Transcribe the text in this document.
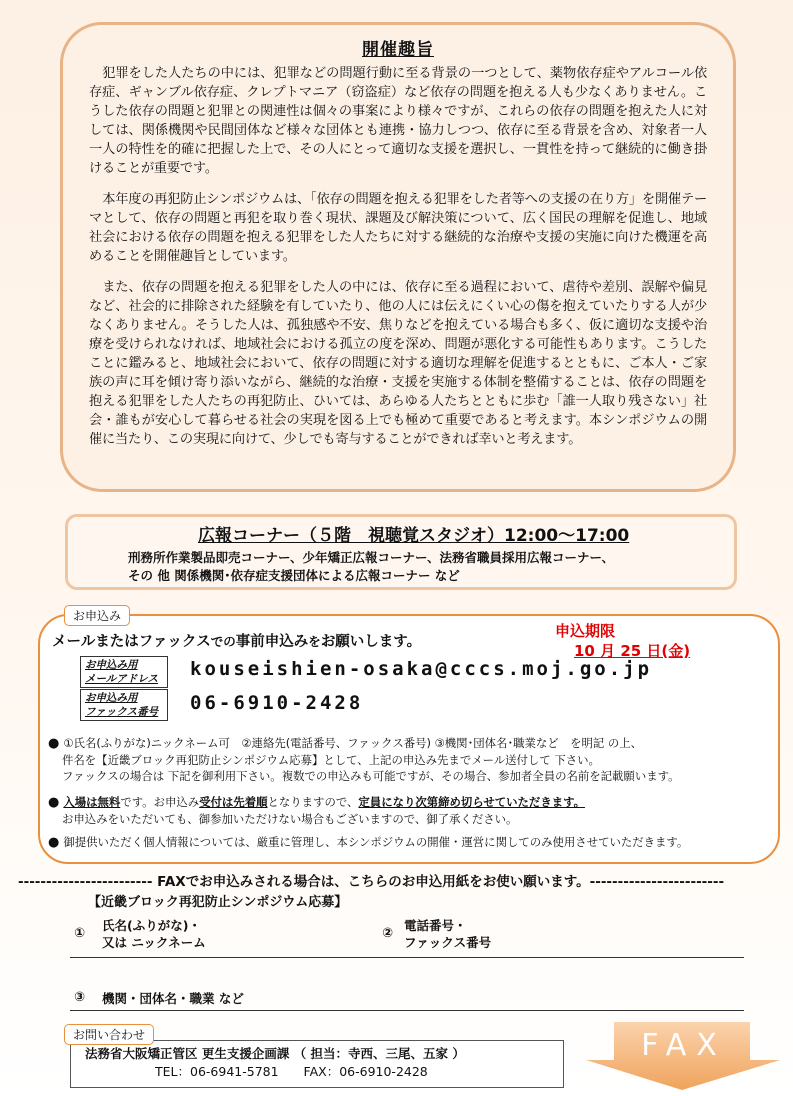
開催趣旨

犯罪をした人たちの中には、犯罪などの問題行動に至る背景の一つとして、薬物依存症やアルコール依存症、ギャンブル依存症、クレプトマニア（窃盗症）など依存の問題を抱える人も少なくありません。こうした依存の問題と犯罪との関連性は個々の事案により様々ですが、これらの依存の問題を抱えた人に対しては、関係機関や民間団体など様々な団体とも連携・協力しつつ、依存に至る背景を含め、対象者一人一人の特性を的確に把握した上で、その人にとって適切な支援を選択し、一貫性を持って継続的に働き掛けることが重要です。

本年度の再犯防止シンポジウムは、「依存の問題を抱える犯罪をした者等への支援の在り方」を開催テーマとして、依存の問題と再犯を取り巻く現状、課題及び解決策について、広く国民の理解を促進し、地域社会における依存の問題を抱える犯罪をした人たちに対する継続的な治療や支援の実施に向けた機運を高めることを開催趣旨としています。

また、依存の問題を抱える犯罪をした人の中には、依存に至る過程において、虐待や差別、誤解や偏見など、社会的に排除された経験を有していたり、他の人には伝えにくい心の傷を抱えていたりする人が少なくありません。そうした人は、孤独感や不安、焦りなどを抱えている場合も多く、仮に適切な支援や治療を受けられなければ、地域社会における孤立の度を深め、問題が悪化する可能性もあります。こうしたことに鑑みると、地域社会において、依存の問題に対する適切な理解を促進するとともに、ご本人・ご家族の声に耳を傾け寄り添いながら、継続的な治療・支援を実施する体制を整備することは、依存の問題を抱える犯罪をした人たちの再犯防止、ひいては、あらゆる人たちとともに歩む「誰一人取り残さない」社会・誰もが安心して暮らせる社会の実現を図る上でも極めて重要であると考えます。本シンポジウムの開催に当たり、この実現に向けて、少しでも寄与することができれば幸いと考えます。

広報コーナー（５階　視聴覚スタジオ）12:00～17:00
刑務所作業製品即売コーナー、少年矯正広報コーナー、法務省職員採用広報コーナー、
その 他 関係機関･依存症支援団体による広報コーナー など
お申込み
メールまたはファックスでの事前申込みをお願いします。
申込期限
10 月 25 日(金)
お申込み用
メールアドレス kouseishien-osaka@cccs.moj.go.jp
お申込み用
ファックス番号 06-6910-2428
● ①氏名(ふりがな)ニックネーム可　②連絡先(電話番号、ファックス番号) ③機関･団体名･職業など　を明記 の上、
件名を【近畿ブロック再犯防止シンポジウム応募】として、上記の申込み先までメール送付して 下さい。
ファックスの場合は 下記を御利用下さい。複数での申込みも可能ですが、その場合、参加者全員の名前を記載願います。
● 入場は無料です。お申込み受付は先着順となりますので、定員になり次第締め切らせていただきます。
お申込みをいただいても、御参加いただけない場合もございますので、御了承ください。
● 御提供いただく個人情報については、厳重に管理し、本シンポジウムの開催・運営に関してのみ使用させていただきます。
------------------------ FAXでお申込みされる場合は、こちらのお申込用紙をお使い願います。------------------------
【近畿ブロック再犯防止シンポジウム応募】
①
氏名(ふりがな)・
又は ニックネーム
②
電話番号・
ファックス番号
③ 機関・団体名・職業 など
法務省大阪矯正管区 更生支援企画課 （ 担当：寺西、三尾、五家 ）
TEL：06-6941-5781　　FAX：06-6910-2428
お問い合わせ	FAX
